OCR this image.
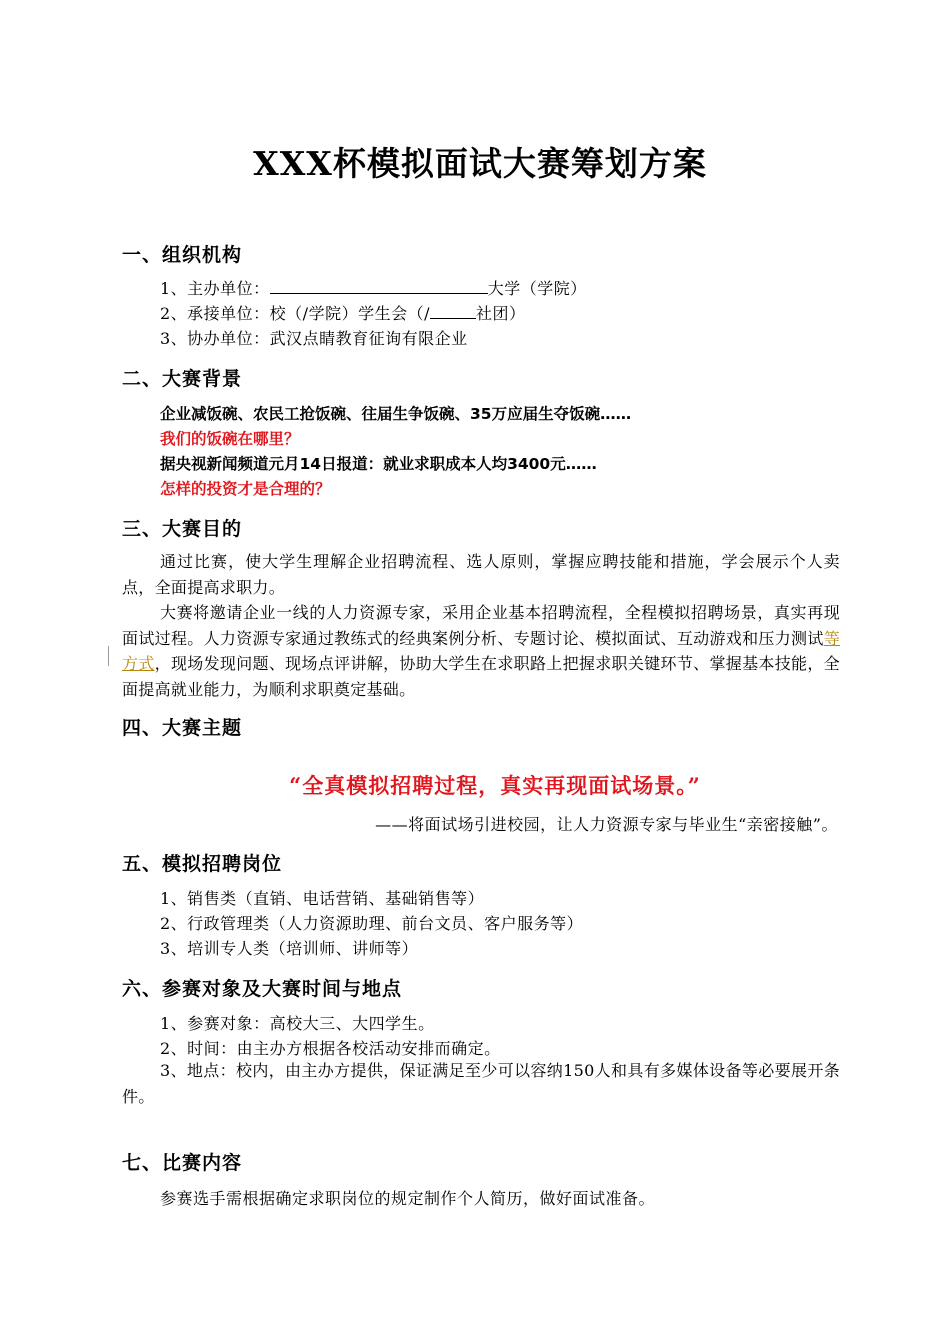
XXX杯模拟面试大赛筹划方案
一、组织机构
1、主办单位：	大学（学院）
2、承接单位：校（/学院）学生会（/	社团）
3、协办单位：武汉点睛教育征询有限企业
二、大赛背景
企业减饭碗、农民工抢饭碗、往届生争饭碗、35万应届生夺饭碗……
我们的饭碗在哪里？
据央视新闻频道元月14日报道：就业求职成本人均3400元……
怎样的投资才是合理的？
三、大赛目的
通过比赛，使大学生理解企业招聘流程、选人原则，掌握应聘技能和措施，学会展示个人卖点，全面提高求职力。
大赛将邀请企业一线的人力资源专家，采用企业基本招聘流程，全程模拟招聘场景，真实再现面试过程。人力资源专家通过教练式的经典案例分析、专题讨论、模拟面试、互动游戏和压力测试等方式，现场发现问题、现场点评讲解，协助大学生在求职路上把握求职关键环节、掌握基本技能，全面提高就业能力，为顺利求职奠定基础。
四、大赛主题
“全真模拟招聘过程，真实再现面试场景。”
——将面试场引进校园，让人力资源专家与毕业生“亲密接触”。
五、模拟招聘岗位
1、销售类（直销、电话营销、基础销售等）
2、行政管理类（人力资源助理、前台文员、客户服务等）
3、培训专人类（培训师、讲师等）
六、参赛对象及大赛时间与地点
1、参赛对象：高校大三、大四学生。
2、时间：由主办方根据各校活动安排而确定。
3、地点：校内，由主办方提供，保证满足至少可以容纳150人和具有多媒体设备等必要展开条件。
七、比赛内容
参赛选手需根据确定求职岗位的规定制作个人简历，做好面试准备。
